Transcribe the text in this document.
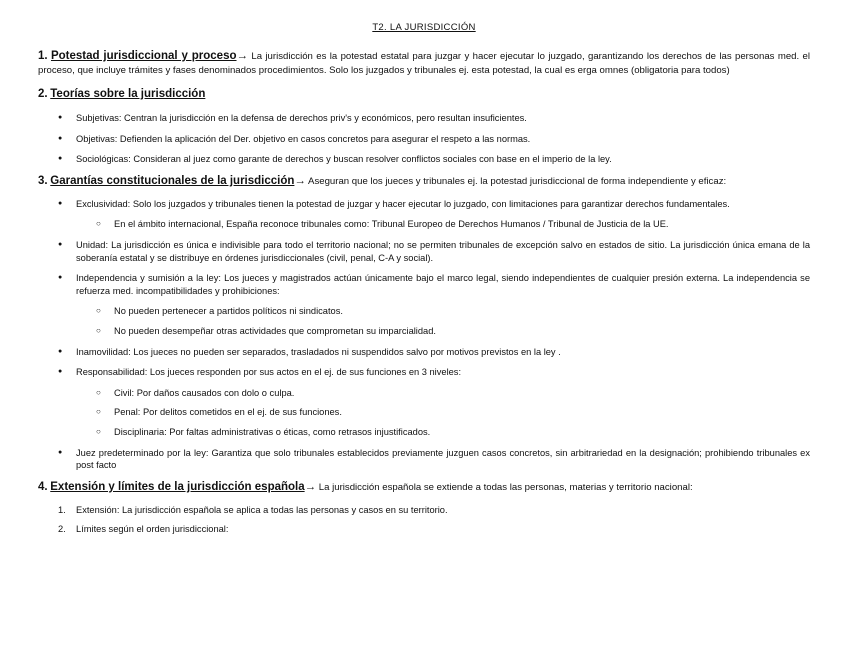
T2. LA JURISDICCIÓN
1. Potestad jurisdiccional y proceso→ La jurisdicción es la potestad estatal para juzgar y hacer ejecutar lo juzgado, garantizando los derechos de las personas med. el proceso, que incluye trámites y fases denominados procedimientos. Solo los juzgados y tribunales ej. esta potestad, la cual es erga omnes (obligatoria para todos)
2. Teorías sobre la jurisdicción
● Subjetivas: Centran la jurisdicción en la defensa de derechos priv's y económicos, pero resultan insuficientes.
● Objetivas: Defienden la aplicación del Der. objetivo en casos concretos para asegurar el respeto a las normas.
● Sociológicas: Consideran al juez como garante de derechos y buscan resolver conflictos sociales con base en el imperio de la ley.
3. Garantías constitucionales de la jurisdicción→ Aseguran que los jueces y tribunales ej. la potestad jurisdiccional de forma independiente y eficaz:
● Exclusividad: Solo los juzgados y tribunales tienen la potestad de juzgar y hacer ejecutar lo juzgado, con limitaciones para garantizar derechos fundamentales.
○ En el ámbito internacional, España reconoce tribunales como: Tribunal Europeo de Derechos Humanos / Tribunal de Justicia de la UE.
● Unidad: La jurisdicción es única e indivisible para todo el territorio nacional; no se permiten tribunales de excepción salvo en estados de sitio. La jurisdicción única emana de la soberanía estatal y se distribuye en órdenes jurisdiccionales (civil, penal, C-A y social).
● Independencia y sumisión a la ley: Los jueces y magistrados actúan únicamente bajo el marco legal, siendo independientes de cualquier presión externa. La independencia se refuerza med. incompatibilidades y prohibiciones:
○ No pueden pertenecer a partidos políticos ni sindicatos.
○ No pueden desempeñar otras actividades que comprometan su imparcialidad.
● Inamovilidad: Los jueces no pueden ser separados, trasladados ni suspendidos salvo por motivos previstos en la ley .
● Responsabilidad: Los jueces responden por sus actos en el ej. de sus funciones en 3 niveles:
○ Civil: Por daños causados con dolo o culpa.
○ Penal: Por delitos cometidos en el ej. de sus funciones.
○ Disciplinaria: Por faltas administrativas o éticas, como retrasos injustificados.
● Juez predeterminado por la ley: Garantiza que solo tribunales establecidos previamente juzguen casos concretos, sin arbitrariedad en la designación; prohibiendo tribunales ex post facto
4. Extensión y límites de la jurisdicción española→ La jurisdicción española se extiende a todas las personas, materias y territorio nacional:
1. Extensión: La jurisdicción española se aplica a todas las personas y casos en su territorio.
2. Límites según el orden jurisdiccional:
